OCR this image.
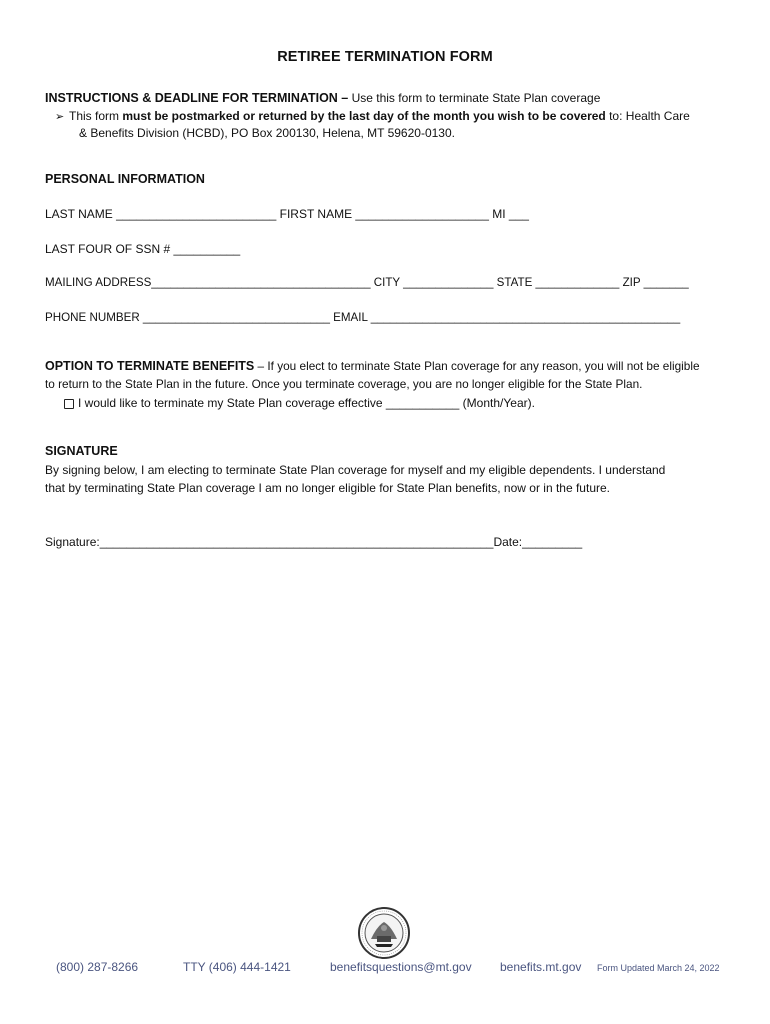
RETIREE TERMINATION FORM
INSTRUCTIONS & DEADLINE FOR TERMINATION – Use this form to terminate State Plan coverage
➢ This form must be postmarked or returned by the last day of the month you wish to be covered to: Health Care
& Benefits Division (HCBD), PO Box 200130, Helena, MT 59620-0130.
PERSONAL INFORMATION
LAST NAME ________________________ FIRST NAME ____________________ MI ___
LAST FOUR OF SSN # __________
MAILING ADDRESS__________________________________ CITY ______________ STATE _____________ ZIP _______
PHONE NUMBER _____________________________ EMAIL ________________________________________________
OPTION TO TERMINATE BENEFITS – If you elect to terminate State Plan coverage for any reason, you will not be eligible
to return to the State Plan in the future. Once you terminate coverage, you are no longer eligible for the State Plan.
I would like to terminate my State Plan coverage effective ___________ (Month/Year).
SIGNATURE
By signing below, I am electing to terminate State Plan coverage for myself and my eligible dependents. I understand
that by terminating State Plan coverage I am no longer eligible for State Plan benefits, now or in the future.
Signature:___________________________________________________________Date:_________
(800) 287-8266	TTY (406) 444-1421	benefitsquestions@mt.gov benefits.mt.gov Form Updated March 24, 2022
